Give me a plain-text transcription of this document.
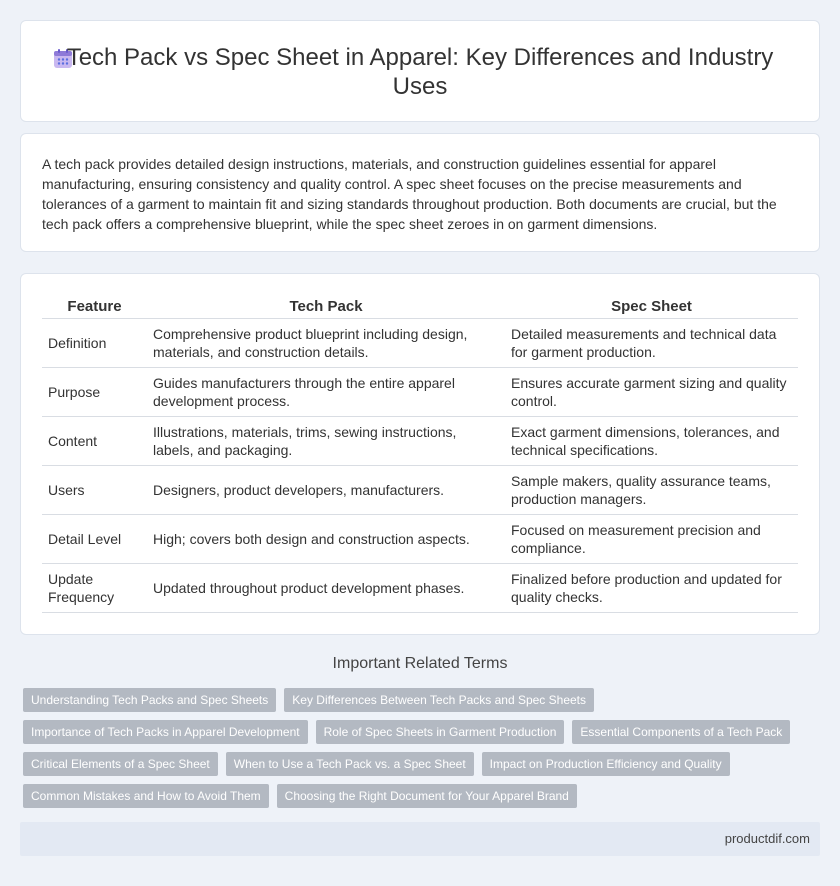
Tech Pack vs Spec Sheet in Apparel: Key Differences and Industry Uses

A tech pack provides detailed design instructions, materials, and construction guidelines essential for apparel manufacturing, ensuring consistency and quality control. A spec sheet focuses on the precise measurements and tolerances of a garment to maintain fit and sizing standards throughout production. Both documents are crucial, but the tech pack offers a comprehensive blueprint, while the spec sheet zeroes in on garment dimensions.

Feature	Tech Pack	Spec Sheet
Definition	Comprehensive product blueprint including design, materials, and construction details.	Detailed measurements and technical data for garment production.
Purpose	Guides manufacturers through the entire apparel development process.	Ensures accurate garment sizing and quality control.
Content	Illustrations, materials, trims, sewing instructions, labels, and packaging.	Exact garment dimensions, tolerances, and technical specifications.
Users	Designers, product developers, manufacturers.	Sample makers, quality assurance teams, production managers.
Detail Level	High; covers both design and construction aspects.	Focused on measurement precision and compliance.
Update Frequency	Updated throughout product development phases.	Finalized before production and updated for quality checks.
Important Related Terms
Understanding Tech Packs and Spec Sheets	Key Differences Between Tech Packs and Spec Sheets
Importance of Tech Packs in Apparel Development	Role of Spec Sheets in Garment Production	Essential Components of a Tech Pack
Critical Elements of a Spec Sheet	When to Use a Tech Pack vs. a Spec Sheet	Impact on Production Efficiency and Quality
Common Mistakes and How to Avoid Them	Choosing the Right Document for Your Apparel Brand
productdif.com
